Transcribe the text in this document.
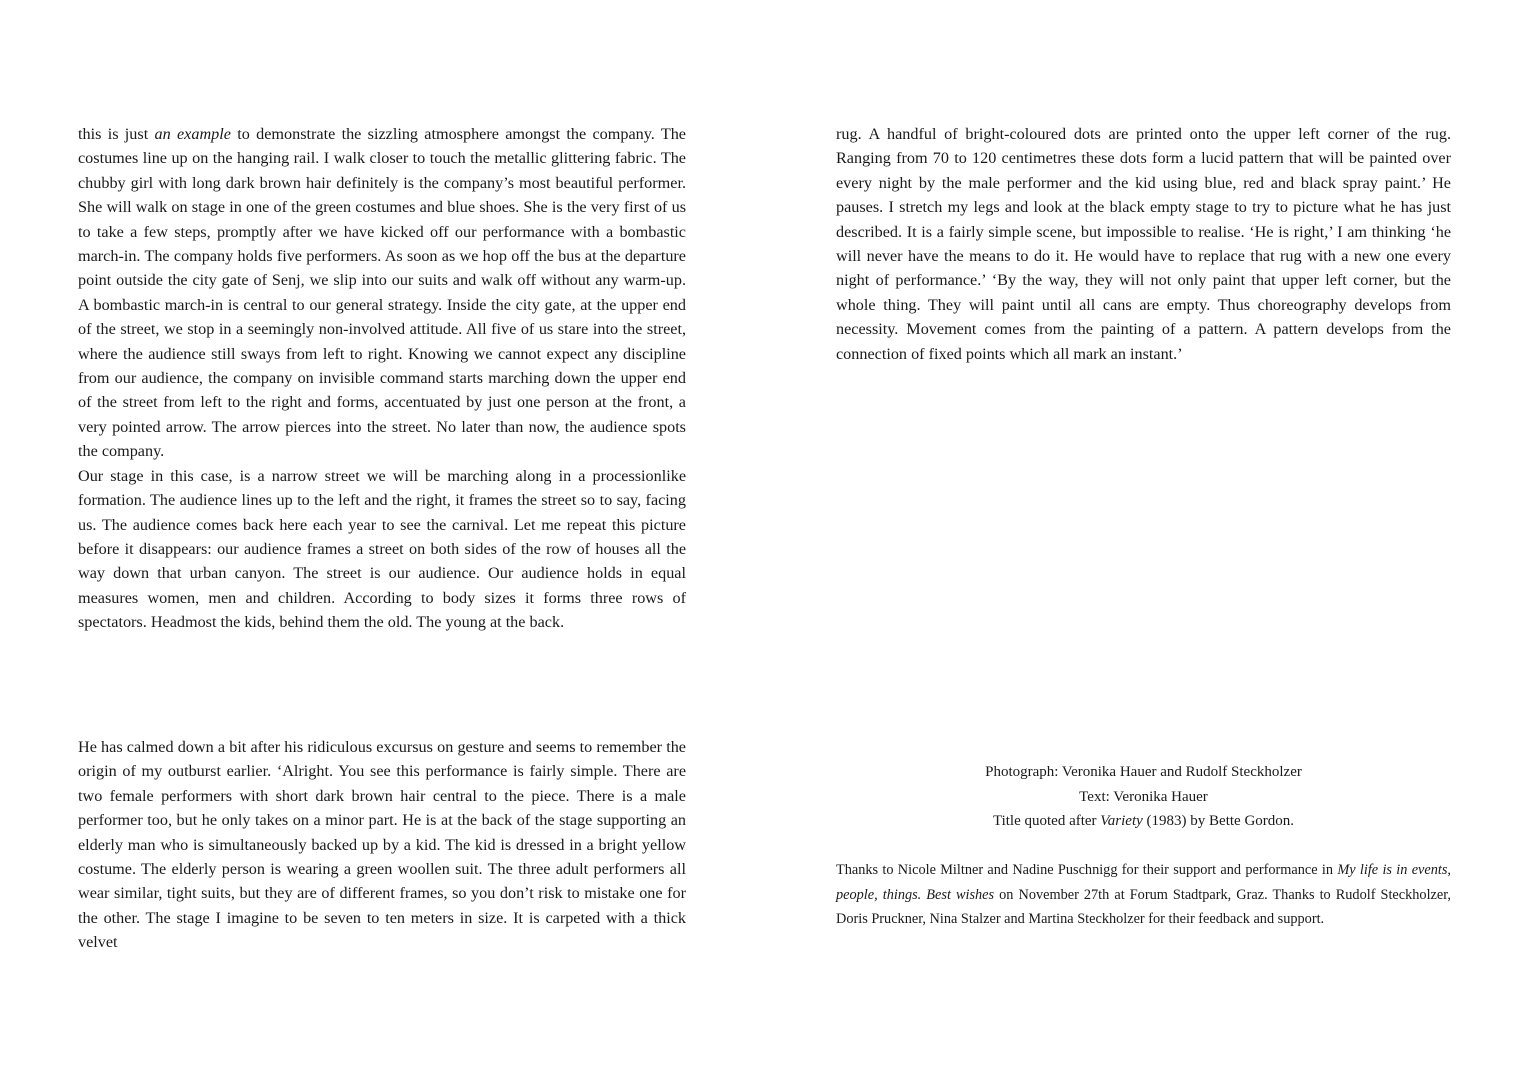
this is just an example to demonstrate the sizzling atmosphere amongst the company. The costumes line up on the hanging rail. I walk closer to touch the metallic glittering fabric. The chubby girl with long dark brown hair definitely is the company’s most beautiful performer. She will walk on stage in one of the green costumes and blue shoes. She is the very first of us to take a few steps, promptly after we have kicked off our performance with a bombastic march-in. The company holds five performers. As soon as we hop off the bus at the departure point outside the city gate of Senj, we slip into our suits and walk off without any warm-up. A bombastic march-in is central to our general strategy. Inside the city gate, at the upper end of the street, we stop in a seemingly non-involved attitude. All five of us stare into the street, where the audience still sways from left to right. Knowing we cannot expect any discipline from our audience, the company on invisible command starts marching down the upper end of the street from left to the right and forms, accentuated by just one person at the front, a very pointed arrow. The arrow pierces into the street. No later than now, the audience spots the company.

Our stage in this case, is a narrow street we will be marching along in a processionlike formation. The audience lines up to the left and the right, it frames the street so to say, facing us. The audience comes back here each year to see the carnival. Let me repeat this picture before it disappears: our audience frames a street on both sides of the row of houses all the way down that urban canyon. The street is our audience. Our audience holds in equal measures women, men and children. According to body sizes it forms three rows of spectators. Headmost the kids, behind them the old. The young at the back.

He has calmed down a bit after his ridiculous excursus on gesture and seems to remember the origin of my outburst earlier. ‘Alright. You see this performance is fairly simple. There are two female performers with short dark brown hair central to the piece. There is a male performer too, but he only takes on a minor part. He is at the back of the stage supporting an elderly man who is simultaneously backed up by a kid. The kid is dressed in a bright yellow costume. The elderly person is wearing a green woollen suit. The three adult performers all wear similar, tight suits, but they are of different frames, so you don’t risk to mistake one for the other. The stage I imagine to be seven to ten meters in size. It is carpeted with a thick velvet

rug. A handful of bright-coloured dots are printed onto the upper left corner of the rug. Ranging from 70 to 120 centimetres these dots form a lucid pattern that will be painted over every night by the male performer and the kid using blue, red and black spray paint.’ He pauses. I stretch my legs and look at the black empty stage to try to picture what he has just described. It is a fairly simple scene, but impossible to realise. ‘He is right,’ I am thinking ‘he will never have the means to do it. He would have to replace that rug with a new one every night of performance.’ ‘By the way, they will not only paint that upper left corner, but the whole thing. They will paint until all cans are empty. Thus choreography develops from necessity. Movement comes from the painting of a pattern. A pattern develops from the connection of fixed points which all mark an instant.’

Photograph: Veronika Hauer and Rudolf Steckholzer
Text: Veronika Hauer
Title quoted after Variety (1983) by Bette Gordon.
Thanks to Nicole Miltner and Nadine Puschnigg for their support and performance in My life is in events, people, things. Best wishes on November 27th at Forum Stadtpark, Graz. Thanks to Rudolf Steckholzer, Doris Pruckner, Nina Stalzer and Martina Steckholzer for their feedback and support.
